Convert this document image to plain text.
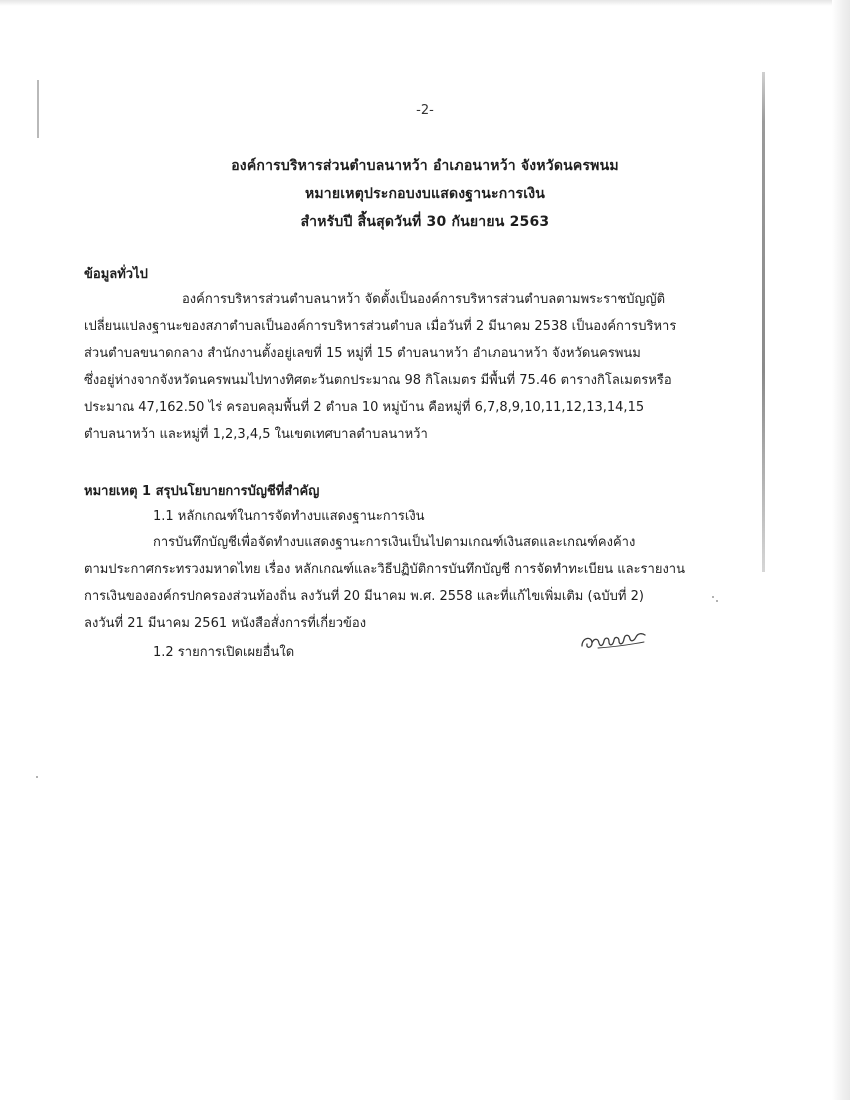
-2-
องค์การบริหารส่วนตำบลนาหว้า อำเภอนาหว้า จังหวัดนครพนม
หมายเหตุประกอบงบแสดงฐานะการเงิน
สำหรับปี สิ้นสุดวันที่ 30 กันยายน 2563
ข้อมูลทั่วไป
องค์การบริหารส่วนตำบลนาหว้า จัดตั้งเป็นองค์การบริหารส่วนตำบลตามพระราชบัญญัติ
เปลี่ยนแปลงฐานะของสภาตำบลเป็นองค์การบริหารส่วนตำบล เมื่อวันที่ 2 มีนาคม 2538 เป็นองค์การบริหาร
ส่วนตำบลขนาดกลาง สำนักงานตั้งอยู่เลขที่ 15 หมู่ที่ 15 ตำบลนาหว้า อำเภอนาหว้า จังหวัดนครพนม
ซึ่งอยู่ห่างจากจังหวัดนครพนมไปทางทิศตะวันตกประมาณ 98 กิโลเมตร มีพื้นที่ 75.46 ตารางกิโลเมตรหรือ
ประมาณ 47,162.50 ไร่ ครอบคลุมพื้นที่ 2 ตำบล 10 หมู่บ้าน คือหมู่ที่ 6,7,8,9,10,11,12,13,14,15
ตำบลนาหว้า และหมู่ที่ 1,2,3,4,5 ในเขตเทศบาลตำบลนาหว้า
หมายเหตุ 1 สรุปนโยบายการบัญชีที่สำคัญ
1.1 หลักเกณฑ์ในการจัดทำงบแสดงฐานะการเงิน
การบันทึกบัญชีเพื่อจัดทำงบแสดงฐานะการเงินเป็นไปตามเกณฑ์เงินสดและเกณฑ์คงค้าง
ตามประกาศกระทรวงมหาดไทย เรื่อง หลักเกณฑ์และวิธีปฏิบัติการบันทึกบัญชี การจัดทำทะเบียน และรายงาน
การเงินขององค์กรปกครองส่วนท้องถิ่น ลงวันที่ 20 มีนาคม พ.ศ. 2558 และที่แก้ไขเพิ่มเติม (ฉบับที่ 2)
ลงวันที่ 21 มีนาคม 2561 หนังสือสั่งการที่เกี่ยวข้อง
1.2 รายการเปิดเผยอื่นใด
